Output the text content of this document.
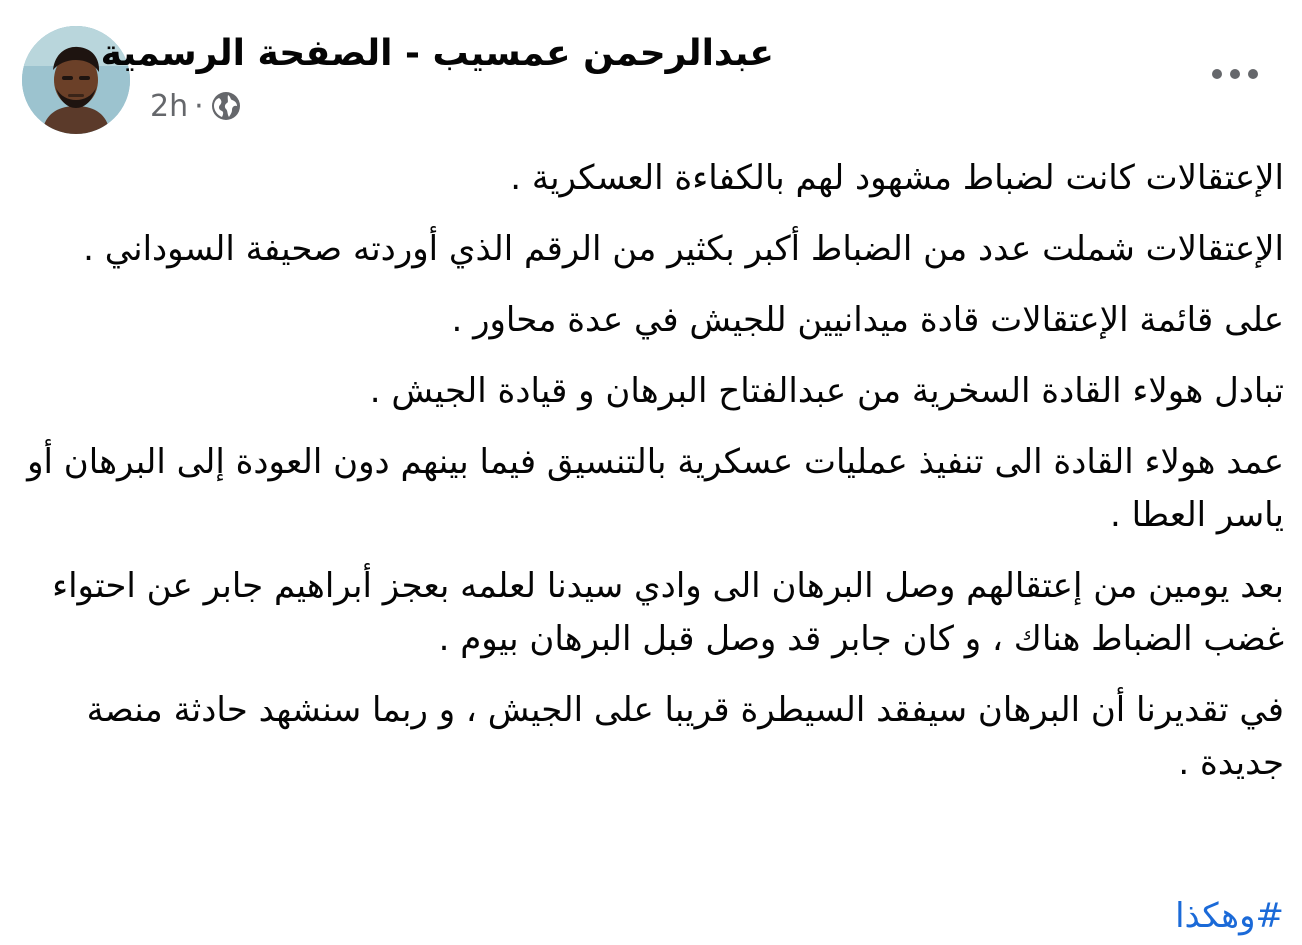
عبدالرحمن عمسيب - الصفحة الرسمية
2h ·

الإعتقالات كانت لضباط مشهود لهم بالكفاءة العسكرية .

الإعتقالات شملت عدد من الضباط أكبر بكثير من الرقم الذي أوردته صحيفة السوداني .

على قائمة الإعتقالات قادة ميدانيين للجيش في عدة محاور .

تبادل هولاء القادة السخرية من عبدالفتاح البرهان و قيادة الجيش .

عمد هولاء القادة الى تنفيذ عمليات عسكرية بالتنسيق فيما بينهم دون العودة إلى البرهان أو ياسر العطا .

بعد يومين من إعتقالهم وصل البرهان الى وادي سيدنا لعلمه بعجز أبراهيم جابر عن احتواء غضب الضباط هناك ، و كان جابر قد وصل قبل البرهان بيوم .

في تقديرنا أن البرهان سيفقد السيطرة قريبا على الجيش ، و ربما سنشهد حادثة منصة جديدة .

#وهكذا
